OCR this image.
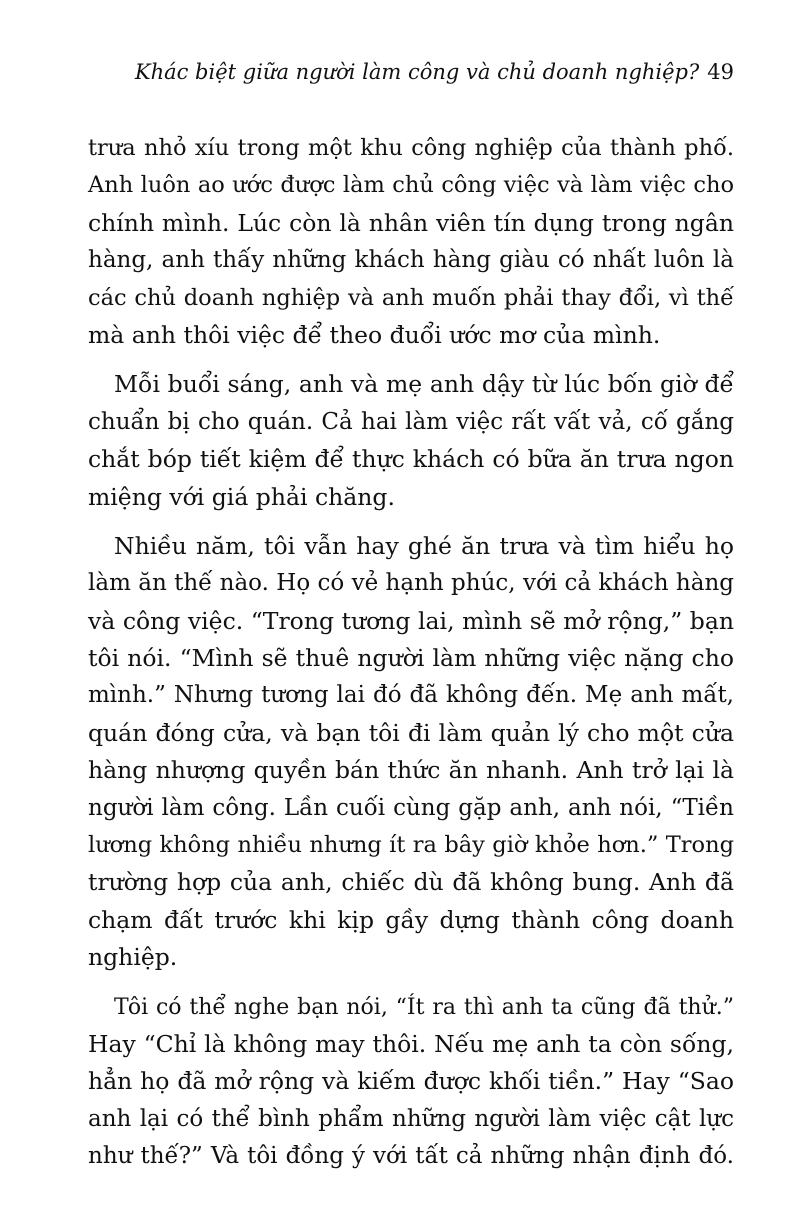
Khác biệt giữa người làm công và chủ doanh nghiệp? 49

trưa nhỏ xíu trong một khu công nghiệp của thành phố.
Anh luôn ao ước được làm chủ công việc và làm việc cho
chính mình. Lúc còn là nhân viên tín dụng trong ngân
hàng, anh thấy những khách hàng giàu có nhất luôn là
các chủ doanh nghiệp và anh muốn phải thay đổi, vì thế
mà anh thôi việc để theo đuổi ước mơ của mình.

Mỗi buổi sáng, anh và mẹ anh dậy từ lúc bốn giờ để
chuẩn bị cho quán. Cả hai làm việc rất vất vả, cố gắng
chắt bóp tiết kiệm để thực khách có bữa ăn trưa ngon
miệng với giá phải chăng.

Nhiều năm, tôi vẫn hay ghé ăn trưa và tìm hiểu họ
làm ăn thế nào. Họ có vẻ hạnh phúc, với cả khách hàng
và công việc. “Trong tương lai, mình sẽ mở rộng,” bạn
tôi nói. “Mình sẽ thuê người làm những việc nặng cho
mình.” Nhưng tương lai đó đã không đến. Mẹ anh mất,
quán đóng cửa, và bạn tôi đi làm quản lý cho một cửa
hàng nhượng quyền bán thức ăn nhanh. Anh trở lại là
người làm công. Lần cuối cùng gặp anh, anh nói, “Tiền
lương không nhiều nhưng ít ra bây giờ khỏe hơn.” Trong
trường hợp của anh, chiếc dù đã không bung. Anh đã
chạm đất trước khi kịp gầy dựng thành công doanh
nghiệp.

Tôi có thể nghe bạn nói, “Ít ra thì anh ta cũng đã thử.”
Hay “Chỉ là không may thôi. Nếu mẹ anh ta còn sống,
hẳn họ đã mở rộng và kiếm được khối tiền.” Hay “Sao
anh lại có thể bình phẩm những người làm việc cật lực
như thế?” Và tôi đồng ý với tất cả những nhận định đó.
